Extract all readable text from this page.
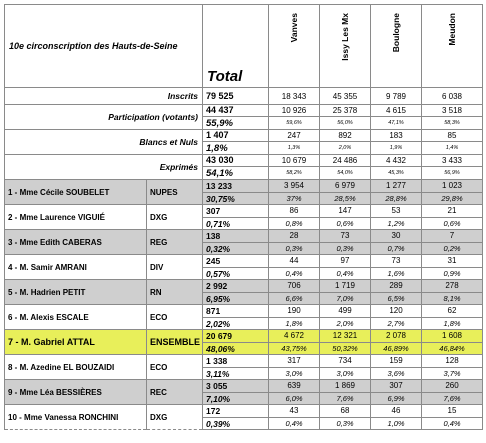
10e circonscription des Hauts-de-Seine		Total	Vanves	Issy Les Mx	Boulogne	Meudon
Inscrits		79 525	18 343	45 355	9 789	6 038
Participation (votants)		44 437	10 926	25 378	4 615	3 518
		55,9%	59,6%	56,0%	47,1%	58,3%
Blancs et Nuls		1 407	247	892	183	85
		1,8%	1,3%	2,0%	1,9%	1,4%
Exprimés		43 030	10 679	24 486	4 432	3 433
		54,1%	58,2%	54,0%	45,3%	56,9%
1 - Mme Cécile SOUBELET	NUPES	13 233	3 954	6 979	1 277	1 023
		30,75%	37%	28,5%	28,8%	29,8%
2 - Mme Laurence VIGUIÉ	DXG	307	86	147	53	21
		0,71%	0,8%	0,6%	1,2%	0,6%
3 - Mme Edith CABERAS	REG	138	28	73	30	7
		0,32%	0,3%	0,3%	0,7%	0,2%
4 - M. Samir AMRANI	DIV	245	44	97	73	31
		0,57%	0,4%	0,4%	1,6%	0,9%
5 - M. Hadrien PETIT	RN	2 992	706	1 719	289	278
		6,95%	6,6%	7,0%	6,5%	8,1%
6 - M. Alexis ESCALE	ECO	871	190	499	120	62
		2,02%	1,8%	2,0%	2,7%	1,8%
7 - M. Gabriel ATTAL	ENSEMBLE	20 679	4 672	12 321	2 078	1 608
		48,06%	43,75%	50,32%	46,89%	46,84%
8 - M. Azedine EL BOUZAIDI	ECO	1 338	317	734	159	128
		3,11%	3,0%	3,0%	3,6%	3,7%
9 - Mme Léa BESSIÈRES	REC	3 055	639	1 869	307	260
		7,10%	6,0%	7,6%	6,9%	7,6%
10 - Mme Vanessa RONCHINI	DXG	172	43	68	46	15
		0,39%	0,4%	0,3%	1,0%	0,4%
